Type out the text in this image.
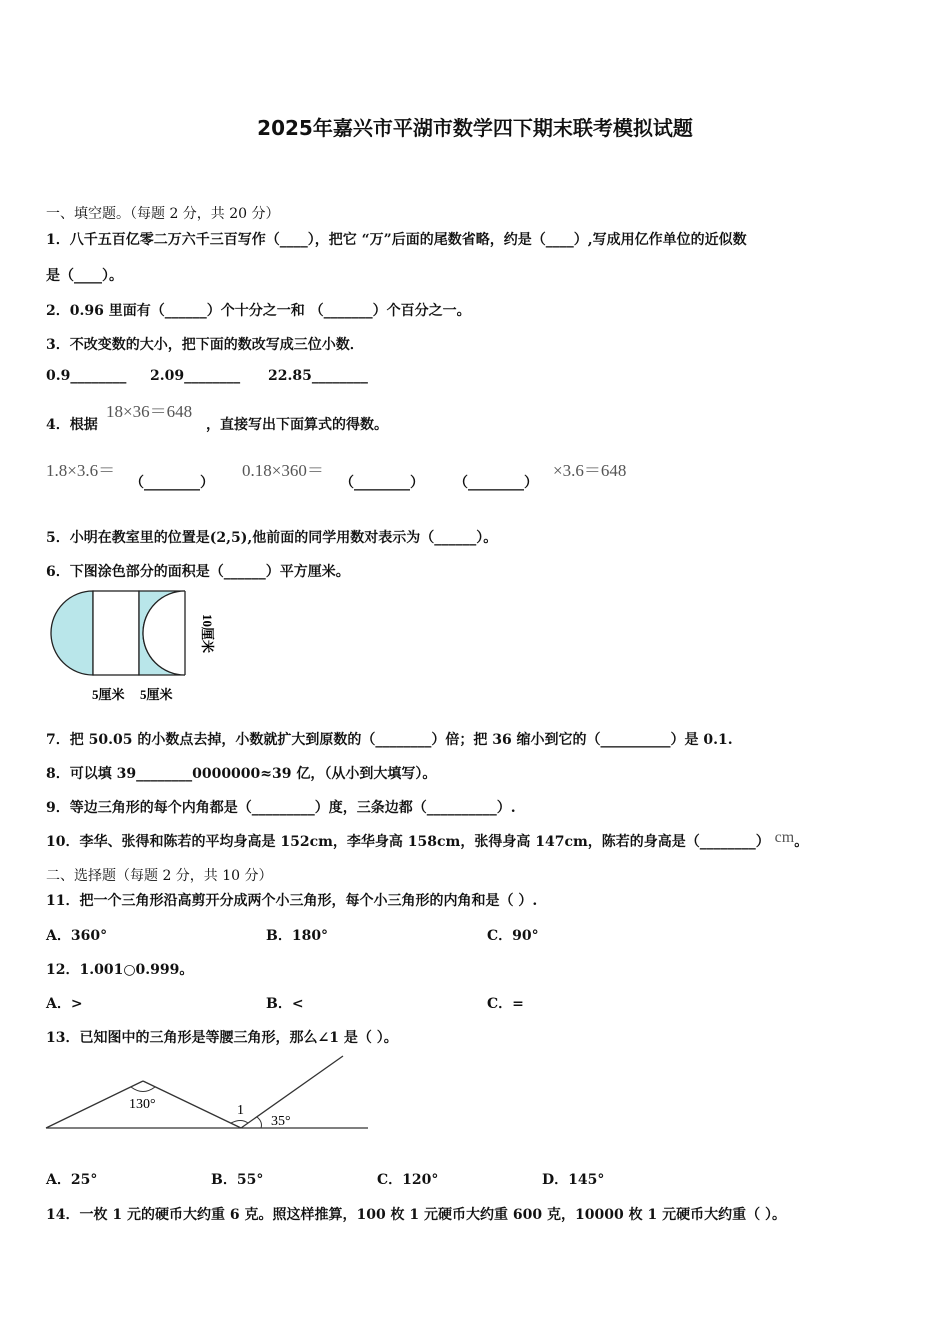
2025年嘉兴市平湖市数学四下期末联考模拟试题
一、填空题。（每题 2 分，共 20 分）
1．八千五百亿零二万六千三百写作（____），把它 “万”后面的尾数省略，约是（____）,写成用亿作单位的近似数
是（____）。
2．0.96 里面有（______）个十分之一和 （_______）个百分之一。
3．不改变数的大小，把下面的数改写成三位小数．
0.9________ 2.09________ 22.85________
4．根据
18×36＝648
，直接写出下面算式的得数。
1.8×3.6＝
（________）
0.18×360＝
（________） （________）
×3.6＝648
5．小明在教室里的位置是(2,5),他前面的同学用数对表示为（______）。
6．下图涂色部分的面积是（______）平方厘米。
10厘米
5厘米 5厘米
7．把 50.05 的小数点去掉，小数就扩大到原数的（________）倍；把 36 缩小到它的（__________）是 0.1.
8．可以填 39________0000000≈39 亿，（从小到大填写）。
9．等边三角形的每个内角都是（_________）度，三条边都（__________）.
10．李华、张得和陈若的平均身高是 152cm，李华身高 158cm，张得身高 147cm，陈若的身高是（________） cm。
二、选择题（每题 2 分，共 10 分）
11．把一个三角形沿高剪开分成两个小三角形，每个小三角形的内角和是（ ）.
A．360°	B．180°	C．90°
12．1.001○0.999。
A．>	B．<	C．=
13．已知图中的三角形是等腰三角形，那么∠1 是（ ）。
130°	1
35°
A．25°	B．55°	C．120°	D．145°
14．一枚 1 元的硬币大约重 6 克。照这样推算，100 枚 1 元硬币大约重 600 克，10000 枚 1 元硬币大约重（ ）。
